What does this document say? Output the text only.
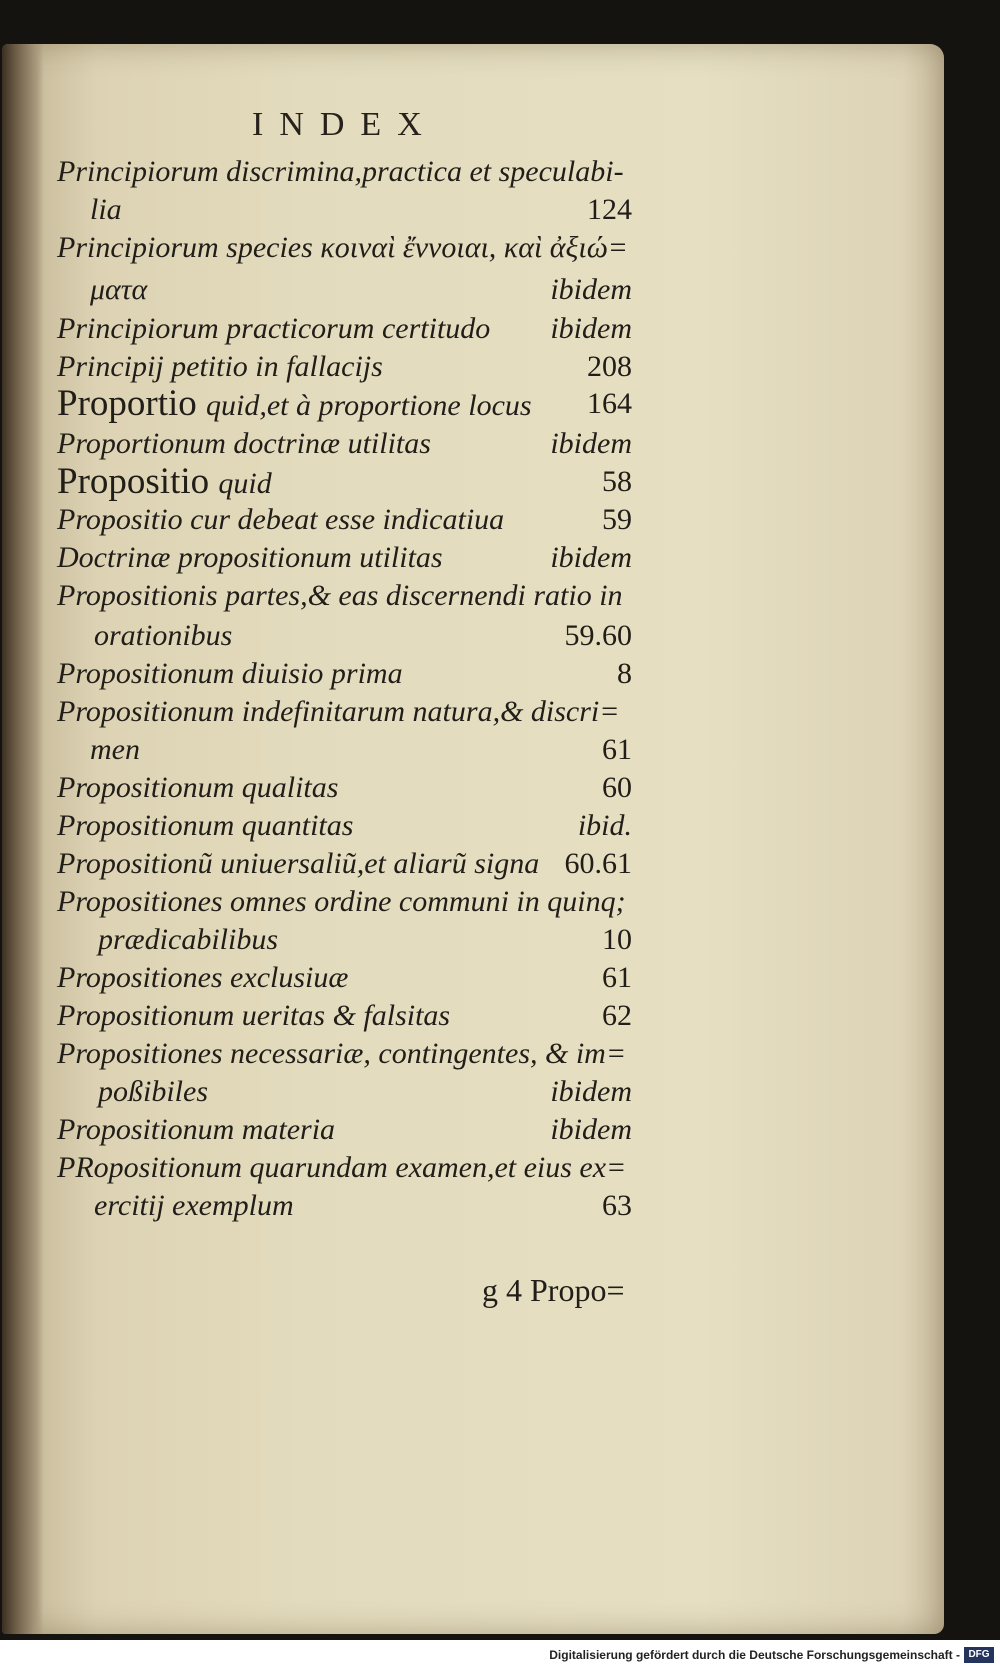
INDEX
Principiorum discrimina,practica et speculabi-
lia	124
Principiorum species κοιναὶ ἔννοιαι, καὶ ἀξιώ=
ματα	ibidem
Principiorum practicorum certitudo ibidem
Principij petitio in fallacijs	208
Proportio quid,et à proportione locus 164
Proportionum doctrinæ utilitas	ibidem
Propositio quid	58
Propositio cur debeat esse indicatiua	59
Doctrinæ propositionum utilitas	ibidem
Propositionis partes,& eas discernendi ratio in
orationibus	59.60
Propositionum diuisio prima	8
Propositionum indefinitarum natura,& discri=
men	61
Propositionum qualitas	60
Propositionum quantitas	ibid.
Propositionũ uniuersaliũ,et aliarũ signa 60.61
Propositiones omnes ordine communi in quinq;
prædicabilibus	10
Propositiones exclusiuæ	61
Propositionum ueritas & falsitas	62
Propositiones necessariæ, contingentes, & im=
poßibiles	ibidem
Propositionum materia	ibidem
PRopositionum quarundam examen,et eius ex=
ercitij exemplum	63
g 4 Propo=
Digitalisierung gefördert durch die Deutsche Forschungsgemeinschaft - DFG
